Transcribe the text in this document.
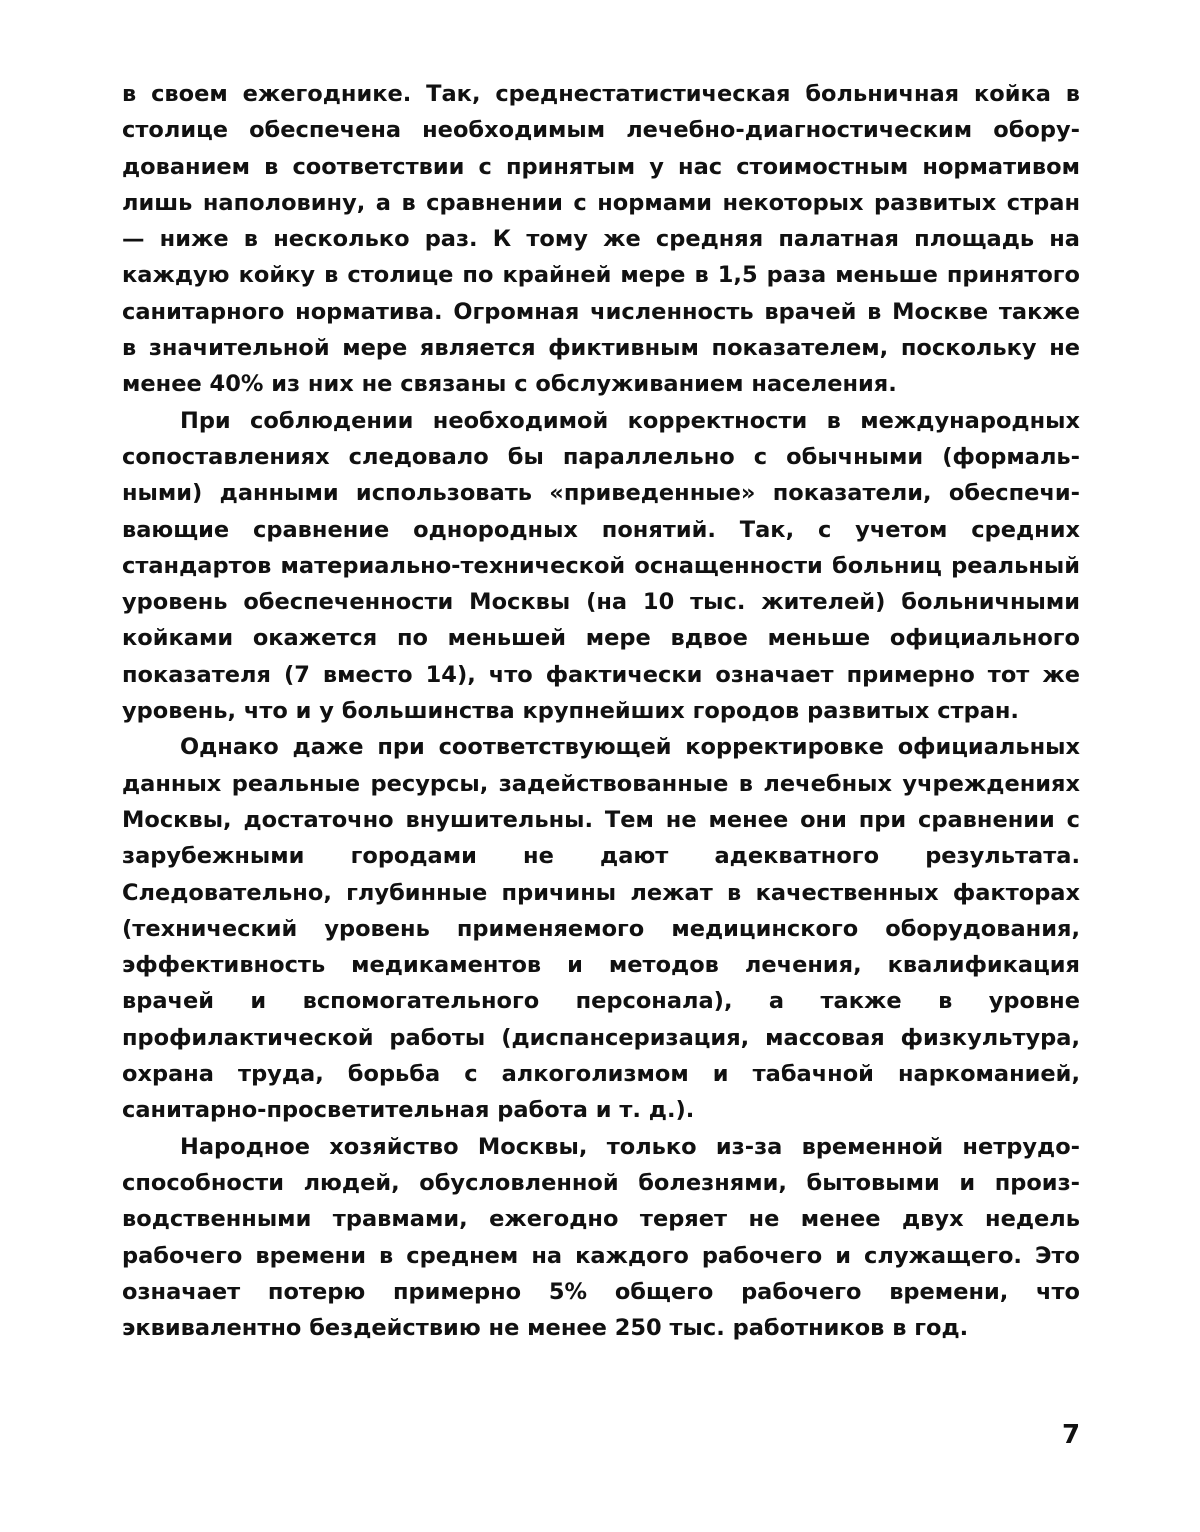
в своем ежегоднике. Так, среднестатистическая больничная койка в столице обеспечена необходимым лечебно-диагностическим оборудованием в соответствии с принятым у нас стоимостным нормативом лишь наполовину, а в сравнении с нормами некоторых развитых стран — ниже в несколько раз. К тому же средняя палатная площадь на каждую койку в столице по крайней мере в 1,5 раза меньше принятого санитарного норматива. Огромная численность врачей в Москве также в значительной мере является фиктивным показателем, поскольку не менее 40% из них не связаны с обслуживанием населения.

При соблюдении необходимой корректности в международных сопоставлениях следовало бы параллельно с обычными (формальными) данными использовать «приведенные» показатели, обеспечивающие сравнение однородных понятий. Так, с учетом средних стандартов материально-технической оснащенности больниц реальный уровень обеспеченности Москвы (на 10 тыс. жителей) больничными койками окажется по меньшей мере вдвое меньше официального показателя (7 вместо 14), что фактически означает примерно тот же уровень, что и у большинства крупнейших городов развитых стран.

Однако даже при соответствующей корректировке официальных данных реальные ресурсы, задействованные в лечебных учреждениях Москвы, достаточно внушительны. Тем не менее они при сравнении с зарубежными городами не дают адекватного результата. Следовательно, глубинные причины лежат в качественных факторах (технический уровень применяемого медицинского оборудования, эффективность медикаментов и методов лечения, квалификация врачей и вспомогательного персонала), а также в уровне профилактической работы (диспансеризация, массовая физкультура, охрана труда, борьба с алкоголизмом и табачной наркоманией, санитарно-просветительная работа и т. д.).

Народное хозяйство Москвы, только из-за временной нетрудоспособности людей, обусловленной болезнями, бытовыми и производственными травмами, ежегодно теряет не менее двух недель рабочего времени в среднем на каждого рабочего и служащего. Это означает потерю примерно 5% общего рабочего времени, что эквивалентно бездействию не менее 250 тыс. работников в год.

7
